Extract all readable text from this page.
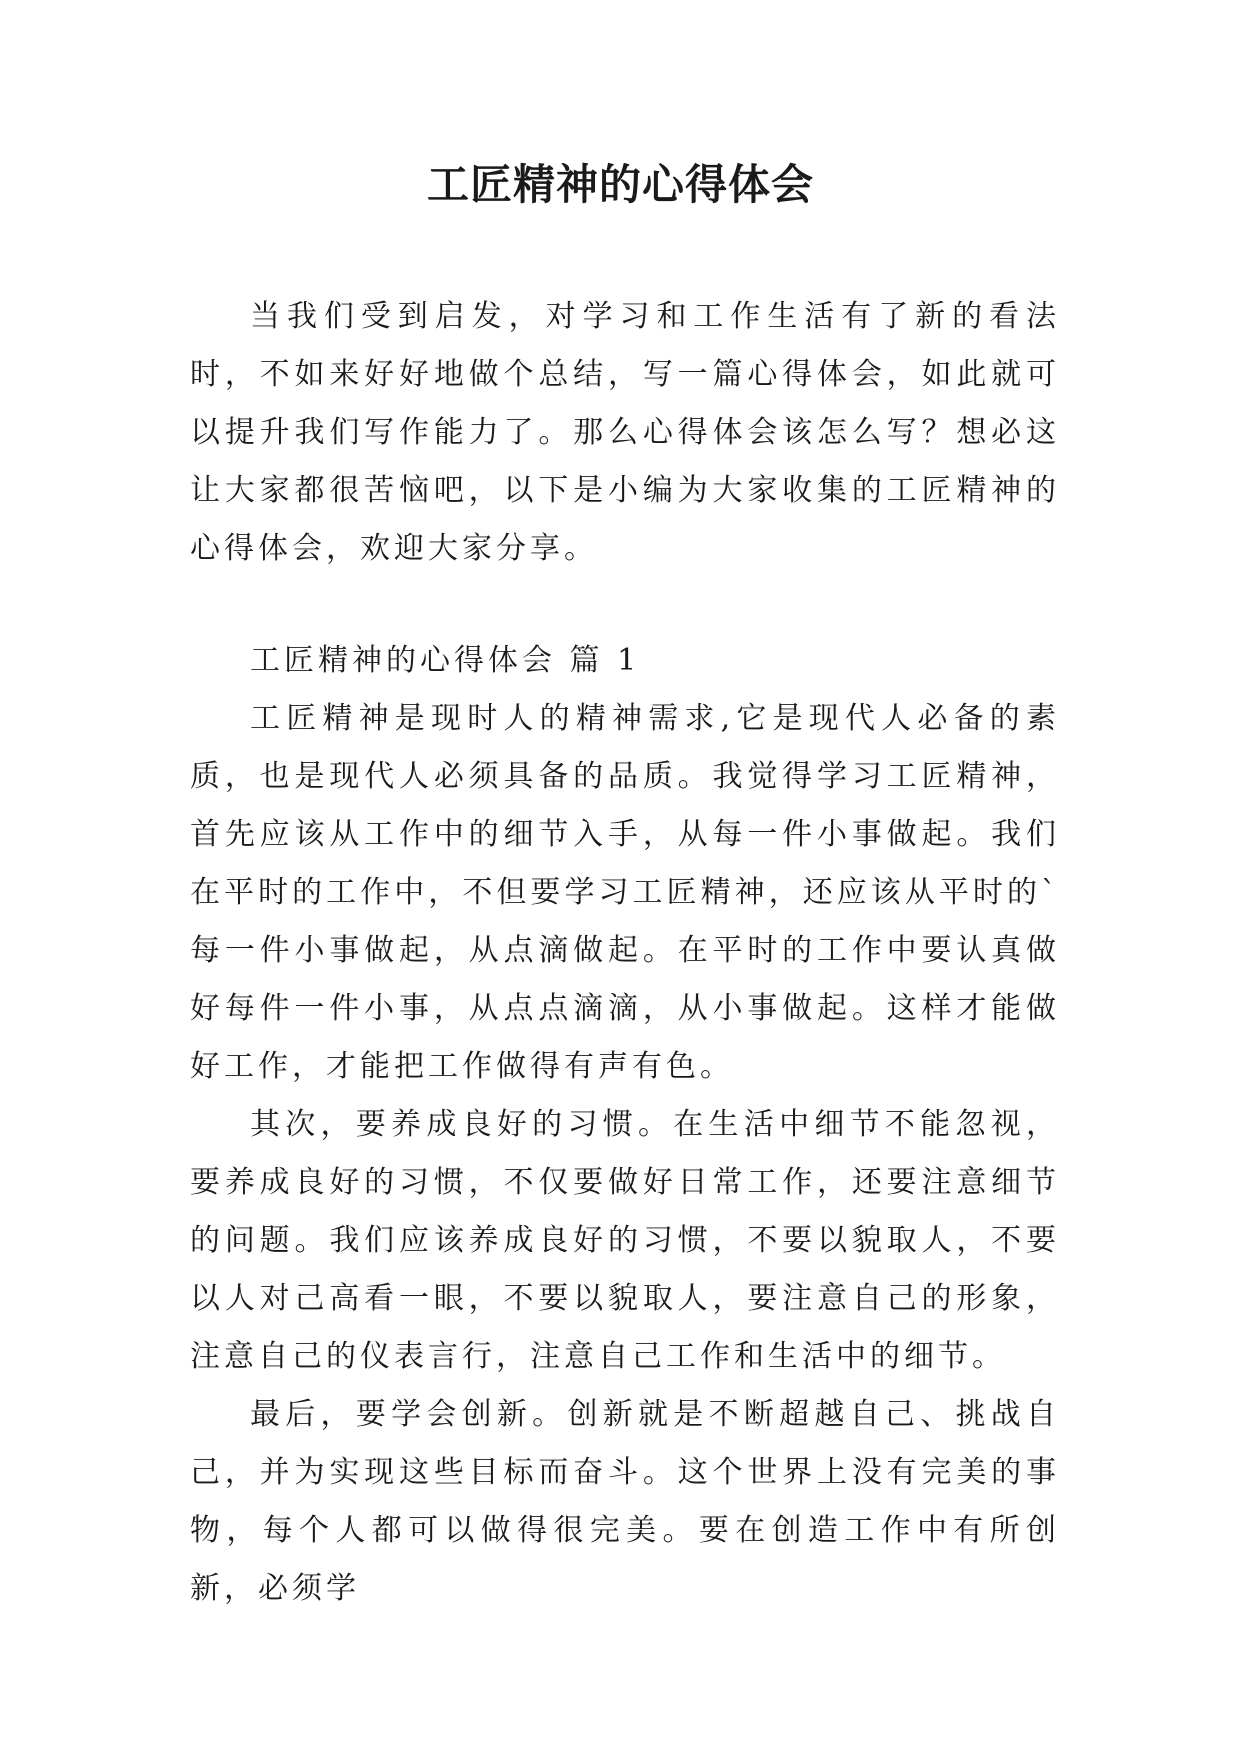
工匠精神的心得体会

当我们受到启发，对学习和工作生活有了新的看法时，不如来好好地做个总结，写一篇心得体会，如此就可以提升我们写作能力了。那么心得体会该怎么写？想必这让大家都很苦恼吧，以下是小编为大家收集的工匠精神的心得体会，欢迎大家分享。

工匠精神的心得体会 篇 1

工匠精神是现时人的精神需求,它是现代人必备的素质，也是现代人必须具备的品质。我觉得学习工匠精神，首先应该从工作中的细节入手，从每一件小事做起。我们在平时的工作中，不但要学习工匠精神，还应该从平时的`每一件小事做起，从点滴做起。在平时的工作中要认真做好每件一件小事，从点点滴滴，从小事做起。这样才能做好工作，才能把工作做得有声有色。

其次，要养成良好的习惯。在生活中细节不能忽视，要养成良好的习惯，不仅要做好日常工作，还要注意细节的问题。我们应该养成良好的习惯，不要以貌取人，不要以人对己高看一眼，不要以貌取人，要注意自己的形象，注意自己的仪表言行，注意自己工作和生活中的细节。

最后，要学会创新。创新就是不断超越自己、挑战自己，并为实现这些目标而奋斗。这个世界上没有完美的事物，每个人都可以做得很完美。要在创造工作中有所创新，必须学
